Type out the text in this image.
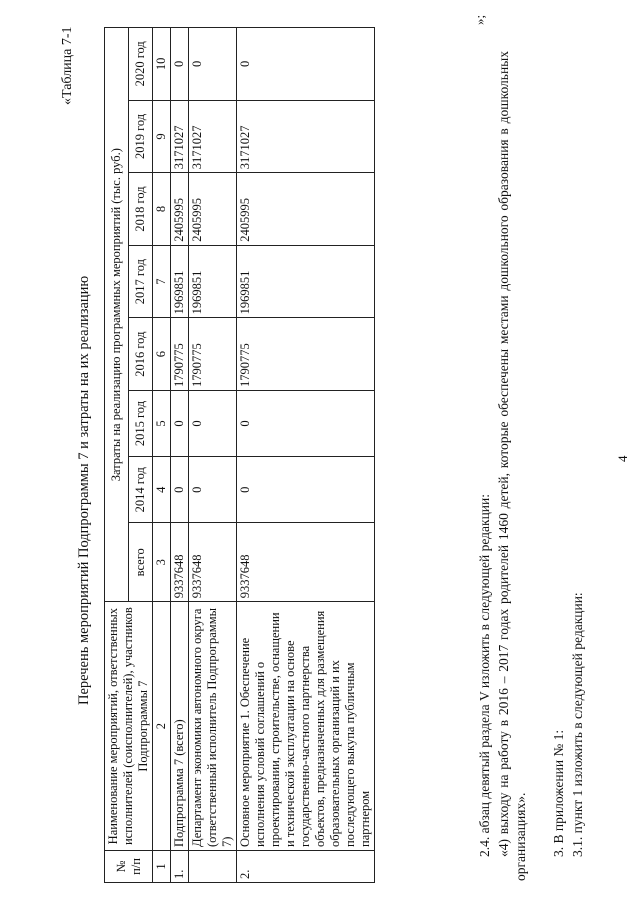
4
«Таблица 7-1
Перечень мероприятий Подпрограммы 7 и затраты на их реализацию
№ п/п	Наименование мероприятий, ответственных исполнителей (соисполнителей), участников Подпрограммы 7	Затраты на реализацию программных мероприятий (тыс. руб.)							
		всего	2014 год	2015 год	2016 год	2017 год	2018 год	2019 год	2020 год
1	2	3	4	5	6	7	8	9	10
1.	Подпрограмма 7 (всего)	9337648	0	0	1790775	1969851	2405995	3171027	0
	Департамент экономики автономного округа (ответственный исполнитель Подпрограммы 7)	9337648	0	0	1790775	1969851	2405995	3171027	0
2.	Основное мероприятие 1. Обеспечение исполнения условий соглашений о проектировании, строительстве, оснащении и технической эксплуатации на основе государственно-частного партнерства объектов, предназначенных для размещения образовательных организаций и их последующего выкупа публичным партнером	9337648	0	0	1790775	1969851	2405995	3171027	0
»;
2.4. абзац девятый раздела V изложить в следующей редакции: «4) выходу на работу в 2016 – 2017 годах родителей 1460 детей, которые обеспечены местами дошкольного образования в дошкольных организациях». 3. В приложении № 1: 3.1. пункт 1 изложить в следующей редакции:
